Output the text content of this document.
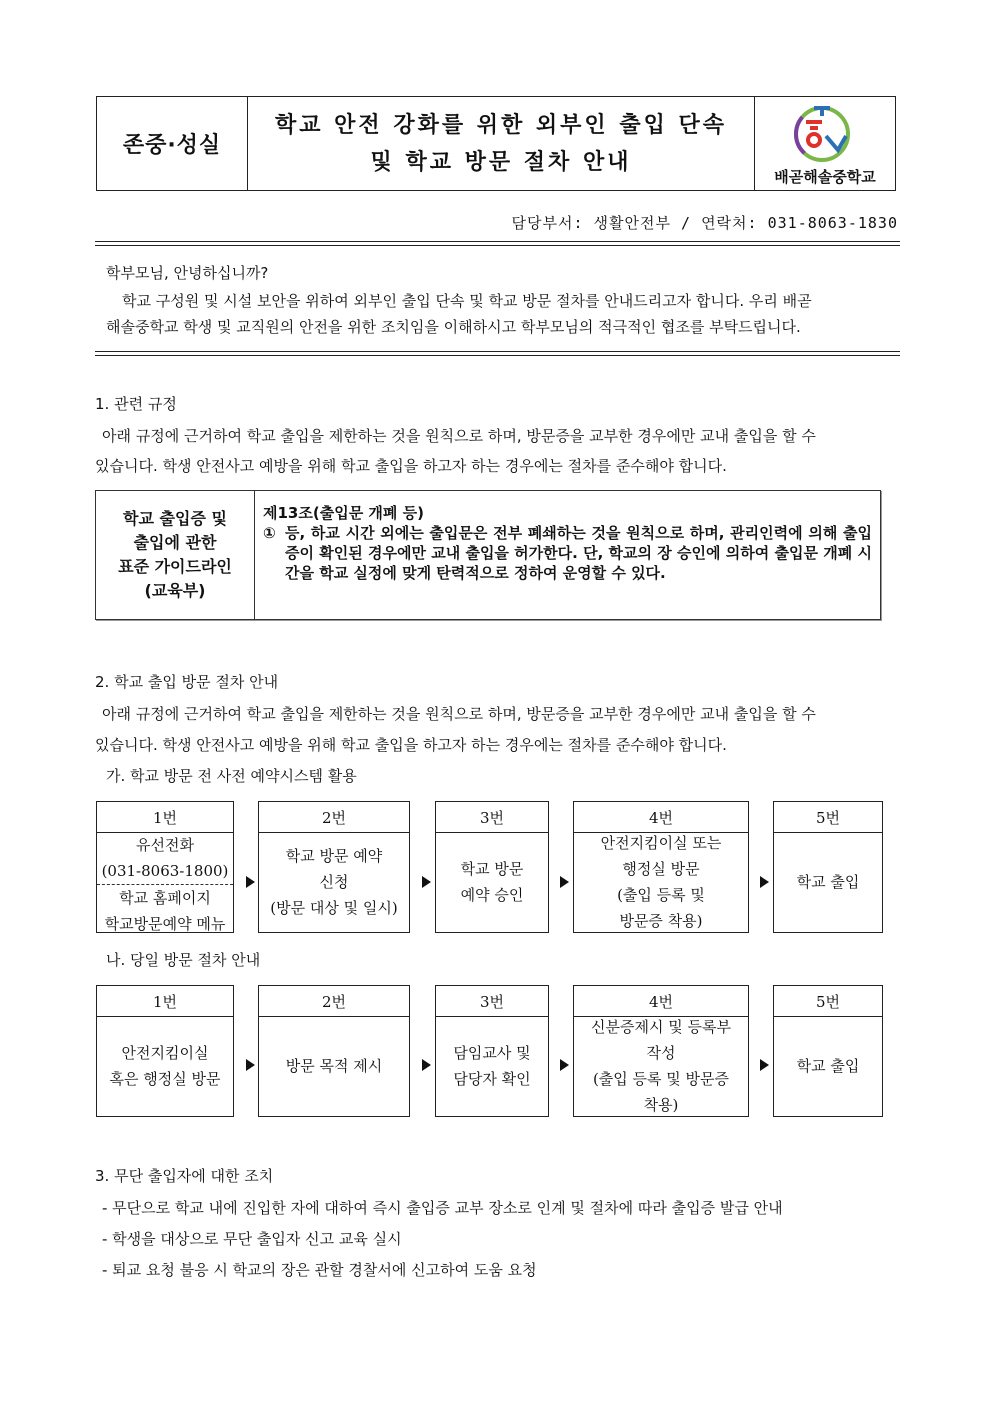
존중·성실
학교 안전 강화를 위한 외부인 출입 단속
및 학교 방문 절차 안내
배곧해솔중학교
담당부서: 생활안전부 / 연락처: 031-8063-1830
학부모님, 안녕하십니까?
학교 구성원 및 시설 보안을 위하여 외부인 출입 단속 및 학교 방문 절차를 안내드리고자 합니다. 우리 배곧
해솔중학교 학생 및 교직원의 안전을 위한 조치임을 이해하시고 학부모님의 적극적인 협조를 부탁드립니다.
1. 관련 규정
아래 규정에 근거하여 학교 출입을 제한하는 것을 원칙으로 하며, 방문증을 교부한 경우에만 교내 출입을 할 수
있습니다. 학생 안전사고 예방을 위해 학교 출입을 하고자 하는 경우에는 절차를 준수해야 합니다.
학교 출입증 및
출입에 관한
표준 가이드라인
(교육부)
제13조(출입문 개폐 등)
① 등, 하교 시간 외에는 출입문은 전부 폐쇄하는 것을 원칙으로 하며, 관리인력에 의해 출입증이 확인된 경우에만 교내 출입을 허가한다. 단, 학교의 장 승인에 의하여 출입문 개폐 시간을 학교 실정에 맞게 탄력적으로 정하여 운영할 수 있다.
2. 학교 출입 방문 절차 안내
아래 규정에 근거하여 학교 출입을 제한하는 것을 원칙으로 하며, 방문증을 교부한 경우에만 교내 출입을 할 수
있습니다. 학생 안전사고 예방을 위해 학교 출입을 하고자 하는 경우에는 절차를 준수해야 합니다.
가. 학교 방문 전 사전 예약시스템 활용
1번
유선전화
(031-8063-1800)
학교 홈페이지
학교방문예약 메뉴
2번
학교 방문 예약
신청
(방문 대상 및 일시)
3번
학교 방문
예약 승인
4번
안전지킴이실 또는
행정실 방문
(출입 등록 및
방문증 착용)
5번
학교 출입
나. 당일 방문 절차 안내
1번
안전지킴이실
혹은 행정실 방문
2번
방문 목적 제시
3번
담임교사 및
담당자 확인
4번
신분증제시 및 등록부
작성
(출입 등록 및 방문증
착용)
5번
학교 출입
3. 무단 출입자에 대한 조치
- 무단으로 학교 내에 진입한 자에 대하여 즉시 출입증 교부 장소로 인계 및 절차에 따라 출입증 발급 안내
- 학생을 대상으로 무단 출입자 신고 교육 실시
- 퇴교 요청 불응 시 학교의 장은 관할 경찰서에 신고하여 도움 요청
